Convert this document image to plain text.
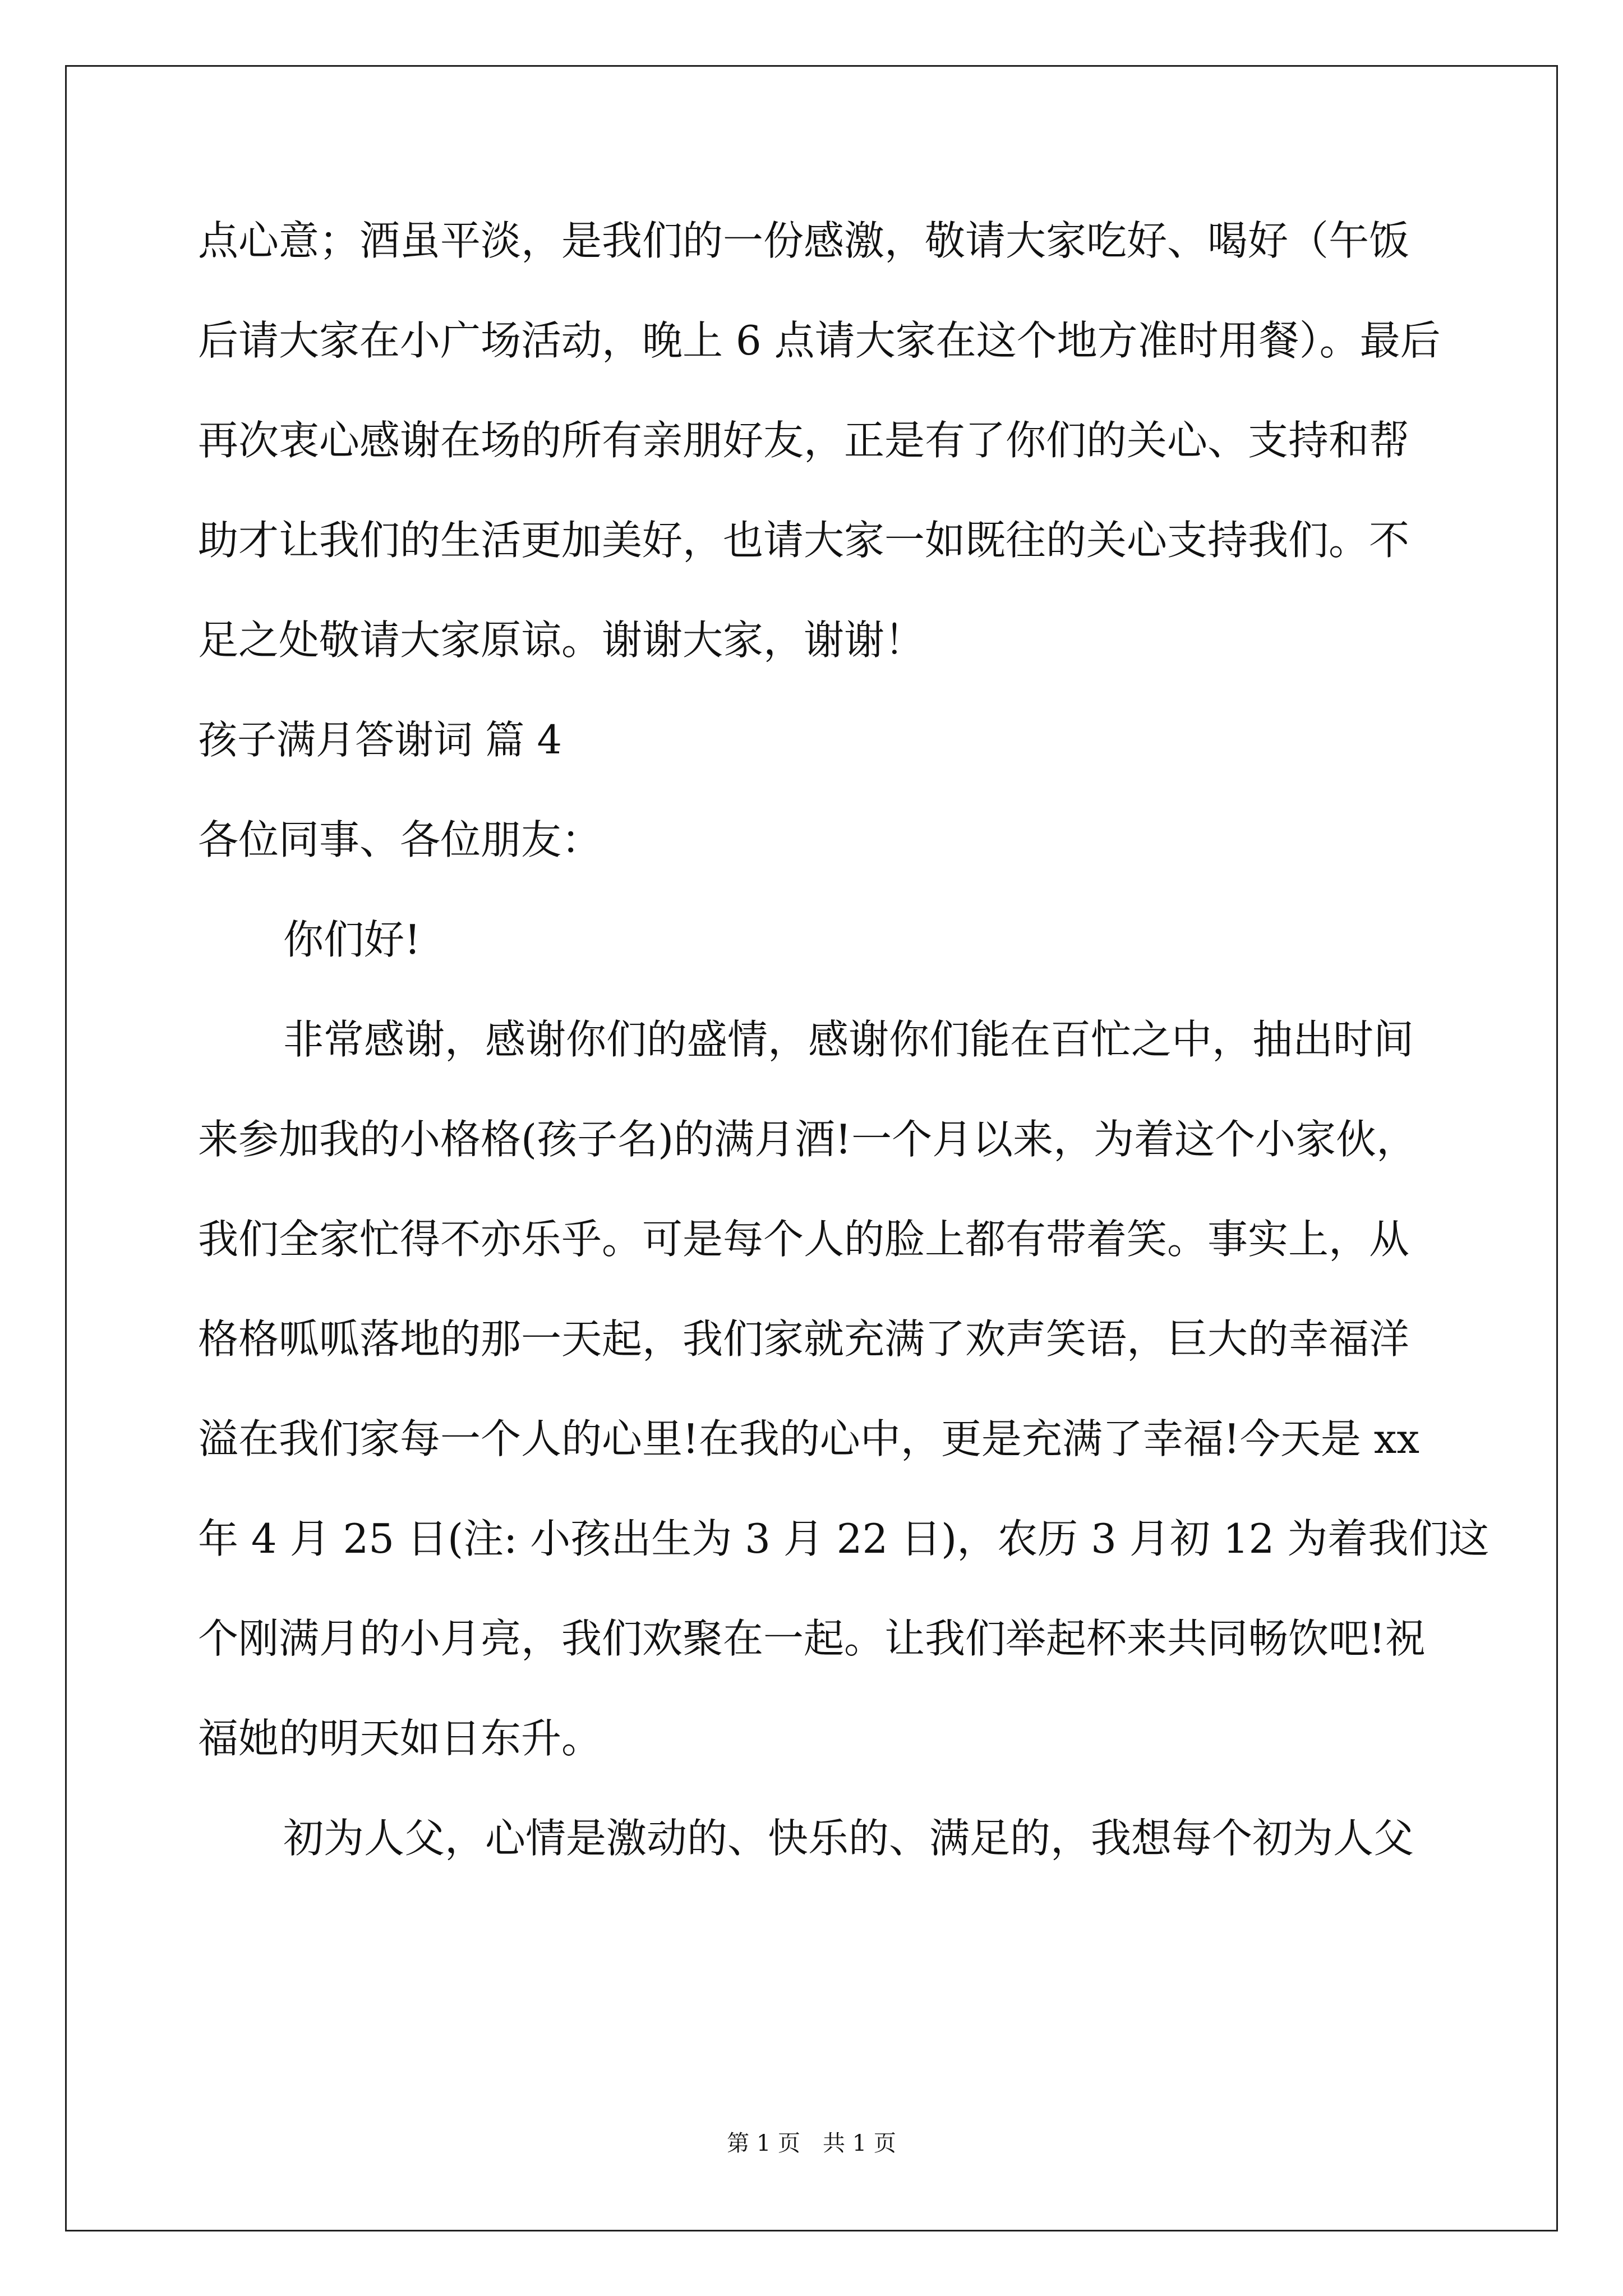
点心意；酒虽平淡，是我们的一份感激，敬请大家吃好、喝好（午饭
后请大家在小广场活动，晚上 6 点请大家在这个地方准时用餐）。最后
再次衷心感谢在场的所有亲朋好友，正是有了你们的关心、支持和帮
助才让我们的生活更加美好，也请大家一如既往的关心支持我们。不
足之处敬请大家原谅。谢谢大家，谢谢！
孩子满月答谢词 篇 4
各位同事、各位朋友：
你们好!
非常感谢，感谢你们的盛情，感谢你们能在百忙之中，抽出时间
来参加我的小格格(孩子名)的满月酒!一个月以来，为着这个小家伙，
我们全家忙得不亦乐乎。可是每个人的脸上都有带着笑。事实上，从
格格呱呱落地的那一天起，我们家就充满了欢声笑语，巨大的幸福洋
溢在我们家每一个人的心里!在我的心中，更是充满了幸福!今天是 xx
年 4 月 25 日(注: 小孩出生为 3 月 22 日)，农历 3 月初 12 为着我们这
个刚满月的小月亮，我们欢聚在一起。让我们举起杯来共同畅饮吧!祝
福她的明天如日东升。
初为人父，心情是激动的、快乐的、满足的，我想每个初为人父
第 1 页 共 1 页
